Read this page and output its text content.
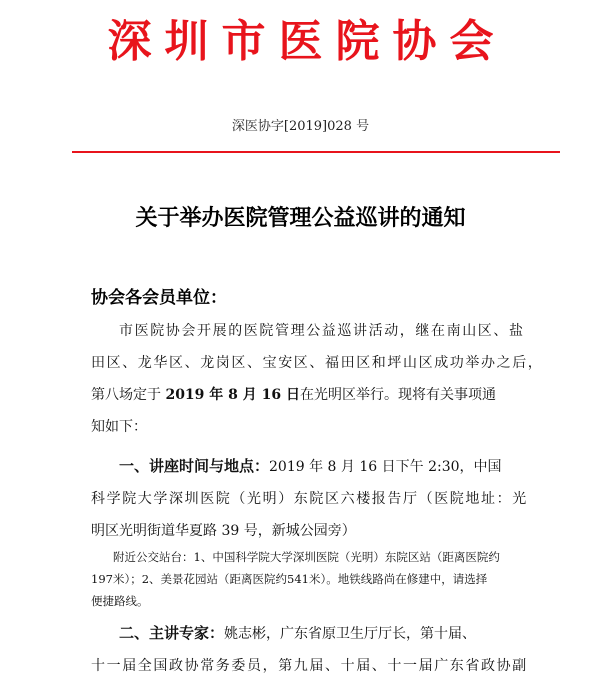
深圳市医院协会
深医协字[2019]028 号
关于举办医院管理公益巡讲的通知
协会各会员单位：
市医院协会开展的医院管理公益巡讲活动，继在南山区、盐
田区、龙华区、龙岗区、宝安区、福田区和坪山区成功举办之后，
第八场定于 2019 年 8 月 16 日在光明区举行。现将有关事项通
知如下：
一、讲座时间与地点：2019 年 8 月 16 日下午 2:30，中国
科学院大学深圳医院（光明）东院区六楼报告厅（医院地址：光
明区光明街道华夏路 39 号，新城公园旁）
附近公交站台：1、中国科学院大学深圳医院（光明）东院区站（距离医院约
197米）；2、美景花园站（距离医院约541米）。地铁线路尚在修建中，请选择
便捷路线。
二、主讲专家：姚志彬，广东省原卫生厅厅长，第十届、
十一届全国政协常务委员，第九届、十届、十一届广东省政协副
